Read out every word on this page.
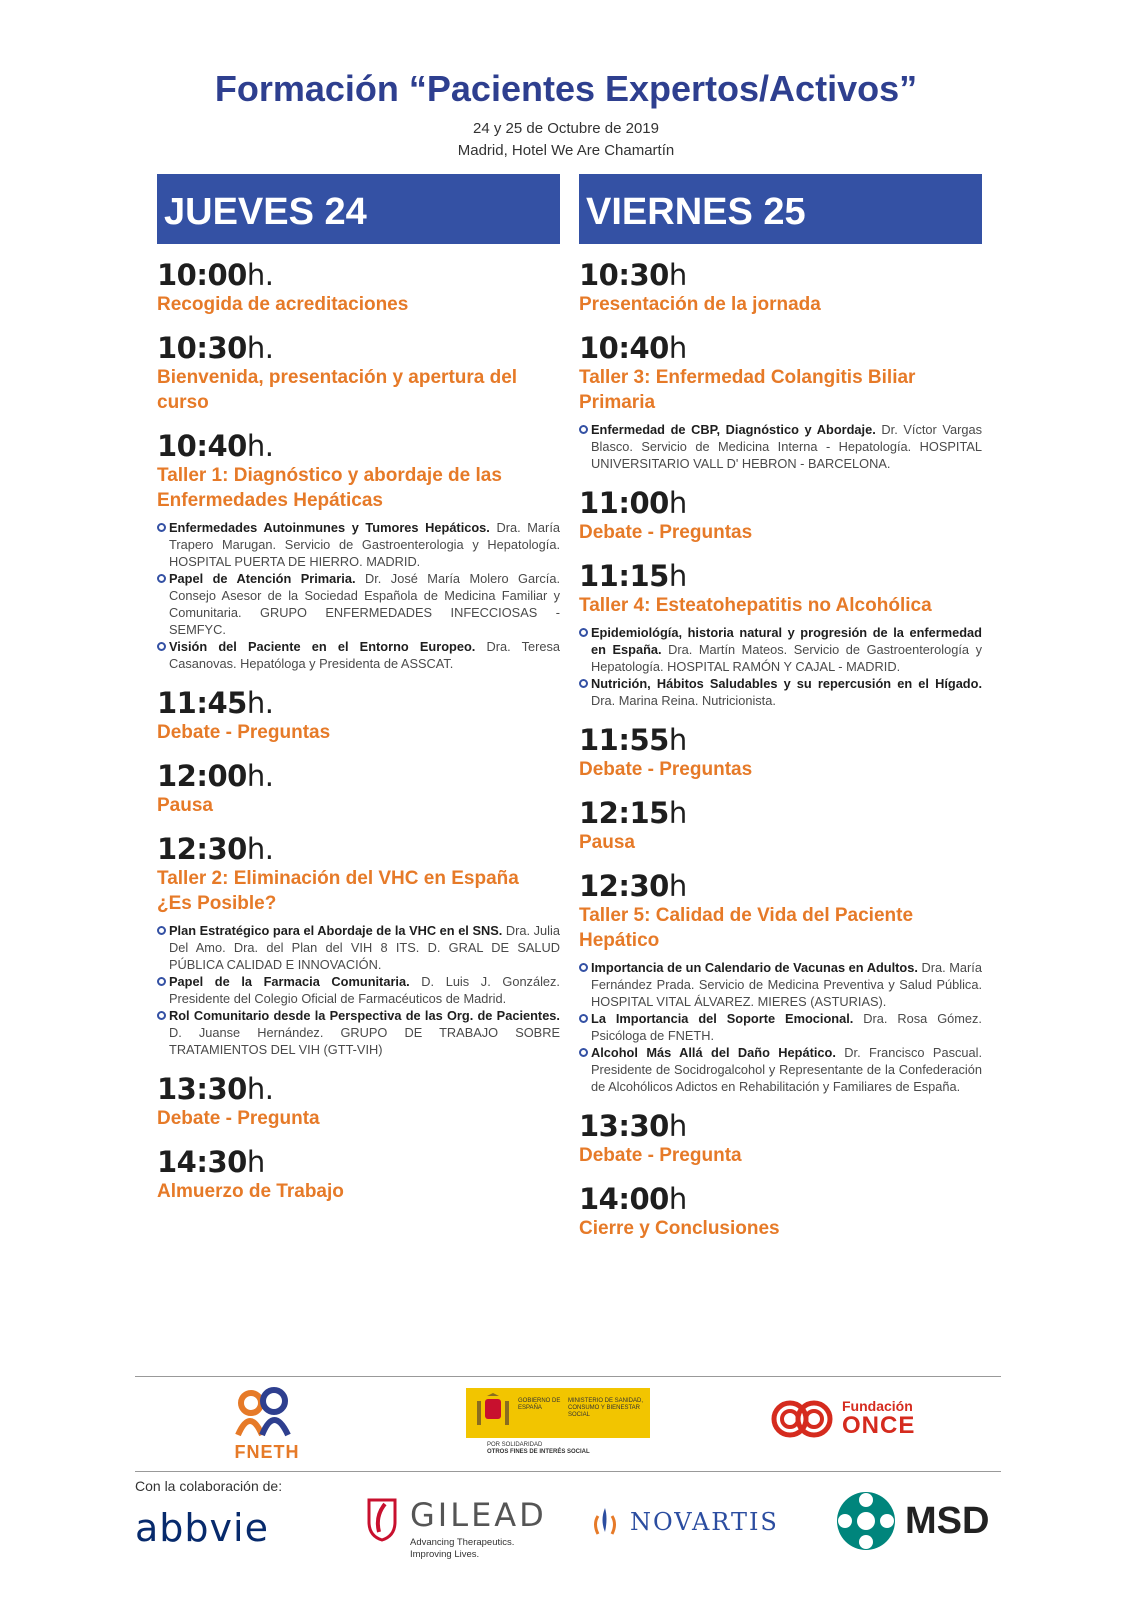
Formación “Pacientes Expertos/Activos”
24 y 25 de Octubre de 2019
Madrid, Hotel We Are Chamartín
JUEVES 24
10:00h.
Recogida de acreditaciones
10:30h.
Bienvenida, presentación y apertura del
curso
10:40h.
Taller 1: Diagnóstico y abordaje de las
Enfermedades Hepáticas
Enfermedades Autoinmunes y Tumores Hepáticos. Dra. María Trapero Marugan. Servicio de Gastroenterologia y Hepatología. HOSPITAL PUERTA DE HIERRO. MADRID.
Papel de Atención Primaria. Dr. José María Molero García. Consejo Asesor de la Sociedad Española de Medicina Familiar y Comunitaria. GRUPO ENFERMEDADES INFECCIOSAS - SEMFYC.
Visión del Paciente en el Entorno Europeo. Dra. Teresa Casanovas. Hepatóloga y Presidenta de ASSCAT.
11:45h.
Debate - Preguntas
12:00h.
Pausa
12:30h.
Taller 2: Eliminación del VHC en España
¿Es Posible?
Plan Estratégico para el Abordaje de la VHC en el SNS. Dra. Julia Del Amo. Dra. del Plan del VIH 8 ITS. D. GRAL DE SALUD PÚBLICA CALIDAD E INNOVACIÓN.
Papel de la Farmacia Comunitaria. D. Luis J. González. Presidente del Colegio Oficial de Farmacéuticos de Madrid.
Rol Comunitario desde la Perspectiva de las Org. de Pacientes. D. Juanse Hernández. GRUPO DE TRABAJO SOBRE TRATAMIENTOS DEL VIH (GTT-VIH)
13:30h.
Debate - Pregunta
14:30h
Almuerzo de Trabajo
VIERNES 25
10:30h
Presentación de la jornada
10:40h
Taller 3: Enfermedad Colangitis Biliar
Primaria
Enfermedad de CBP, Diagnóstico y Abordaje. Dr. Víctor Vargas Blasco. Servicio de Medicina Interna - Hepatología. HOSPITAL UNIVERSITARIO VALL D' HEBRON - BARCELONA.
11:00h
Debate - Preguntas
11:15h
Taller 4: Esteatohepatitis no Alcohólica
Epidemiológía, historia natural y progresión de la enfermedad en España. Dra. Martín Mateos. Servicio de Gastroenterología y Hepatología. HOSPITAL RAMÓN Y CAJAL - MADRID.
Nutrición, Hábitos Saludables y su repercusión en el Hígado. Dra. Marina Reina. Nutricionista.
11:55h
Debate - Preguntas
12:15h
Pausa
12:30h
Taller 5: Calidad de Vida del Paciente
Hepático
Importancia de un Calendario de Vacunas en Adultos. Dra. María Fernández Prada. Servicio de Medicina Preventiva y Salud Pública. HOSPITAL VITAL ÁLVAREZ. MIERES (ASTURIAS).
La Importancia del Soporte Emocional. Dra. Rosa Gómez. Psicóloga de FNETH.
Alcohol Más Allá del Daño Hepático. Dr. Francisco Pascual. Presidente de Socidrogalcohol y Representante de la Confederación de Alcohólicos Adictos en Rehabilitación y Familiares de España.
13:30h
Debate - Pregunta
14:00h
Cierre y Conclusiones
FNETH
GOBIERNO DE ESPAÑA
MINISTERIO DE SANIDAD, CONSUMO Y BIENESTAR SOCIAL
POR SOLIDARIDAD
OTROS FINES DE INTERÉS SOCIAL
Fundación
ONCE
Con la colaboración de:
abbvie	GILEAD
Advancing Therapeutics.
Improving Lives.
NOVARTIS	MSD
